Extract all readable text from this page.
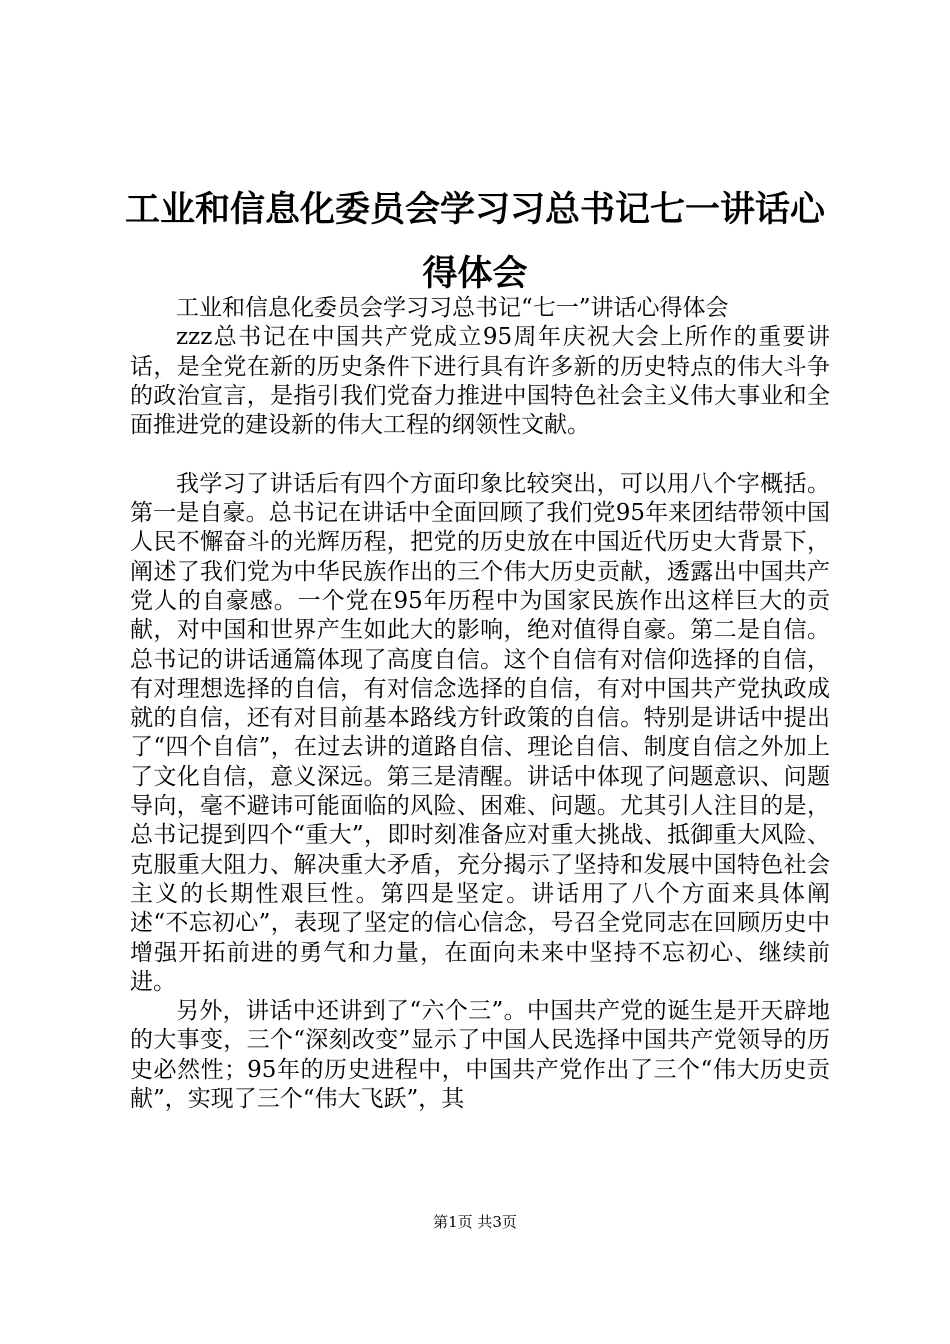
工业和信息化委员会学习习总书记七一讲话心得体会

工业和信息化委员会学习习总书记“七一”讲话心得体会

zzz总书记在中国共产党成立95周年庆祝大会上所作的重要讲话，是全党在新的历史条件下进行具有许多新的历史特点的伟大斗争的政治宣言，是指引我们党奋力推进中国特色社会主义伟大事业和全面推进党的建设新的伟大工程的纲领性文献。

我学习了讲话后有四个方面印象比较突出，可以用八个字概括。第一是自豪。总书记在讲话中全面回顾了我们党95年来团结带领中国人民不懈奋斗的光辉历程，把党的历史放在中国近代历史大背景下，阐述了我们党为中华民族作出的三个伟大历史贡献，透露出中国共产党人的自豪感。一个党在95年历程中为国家民族作出这样巨大的贡献，对中国和世界产生如此大的影响，绝对值得自豪。第二是自信。总书记的讲话通篇体现了高度自信。这个自信有对信仰选择的自信，有对理想选择的自信，有对信念选择的自信，有对中国共产党执政成就的自信，还有对目前基本路线方针政策的自信。特别是讲话中提出了“四个自信”，在过去讲的道路自信、理论自信、制度自信之外加上了文化自信，意义深远。第三是清醒。讲话中体现了问题意识、问题导向，毫不避讳可能面临的风险、困难、问题。尤其引人注目的是，总书记提到四个“重大”，即时刻准备应对重大挑战、抵御重大风险、克服重大阻力、解决重大矛盾，充分揭示了坚持和发展中国特色社会主义的长期性艰巨性。第四是坚定。讲话用了八个方面来具体阐述“不忘初心”，表现了坚定的信心信念，号召全党同志在回顾历史中增强开拓前进的勇气和力量，在面向未来中坚持不忘初心、继续前进。

另外，讲话中还讲到了“六个三”。中国共产党的诞生是开天辟地的大事变，三个“深刻改变”显示了中国人民选择中国共产党领导的历史必然性；95年的历史进程中，中国共产党作出了三个“伟大历史贡献”，实现了三个“伟大飞跃”，其

第1页 共3页
